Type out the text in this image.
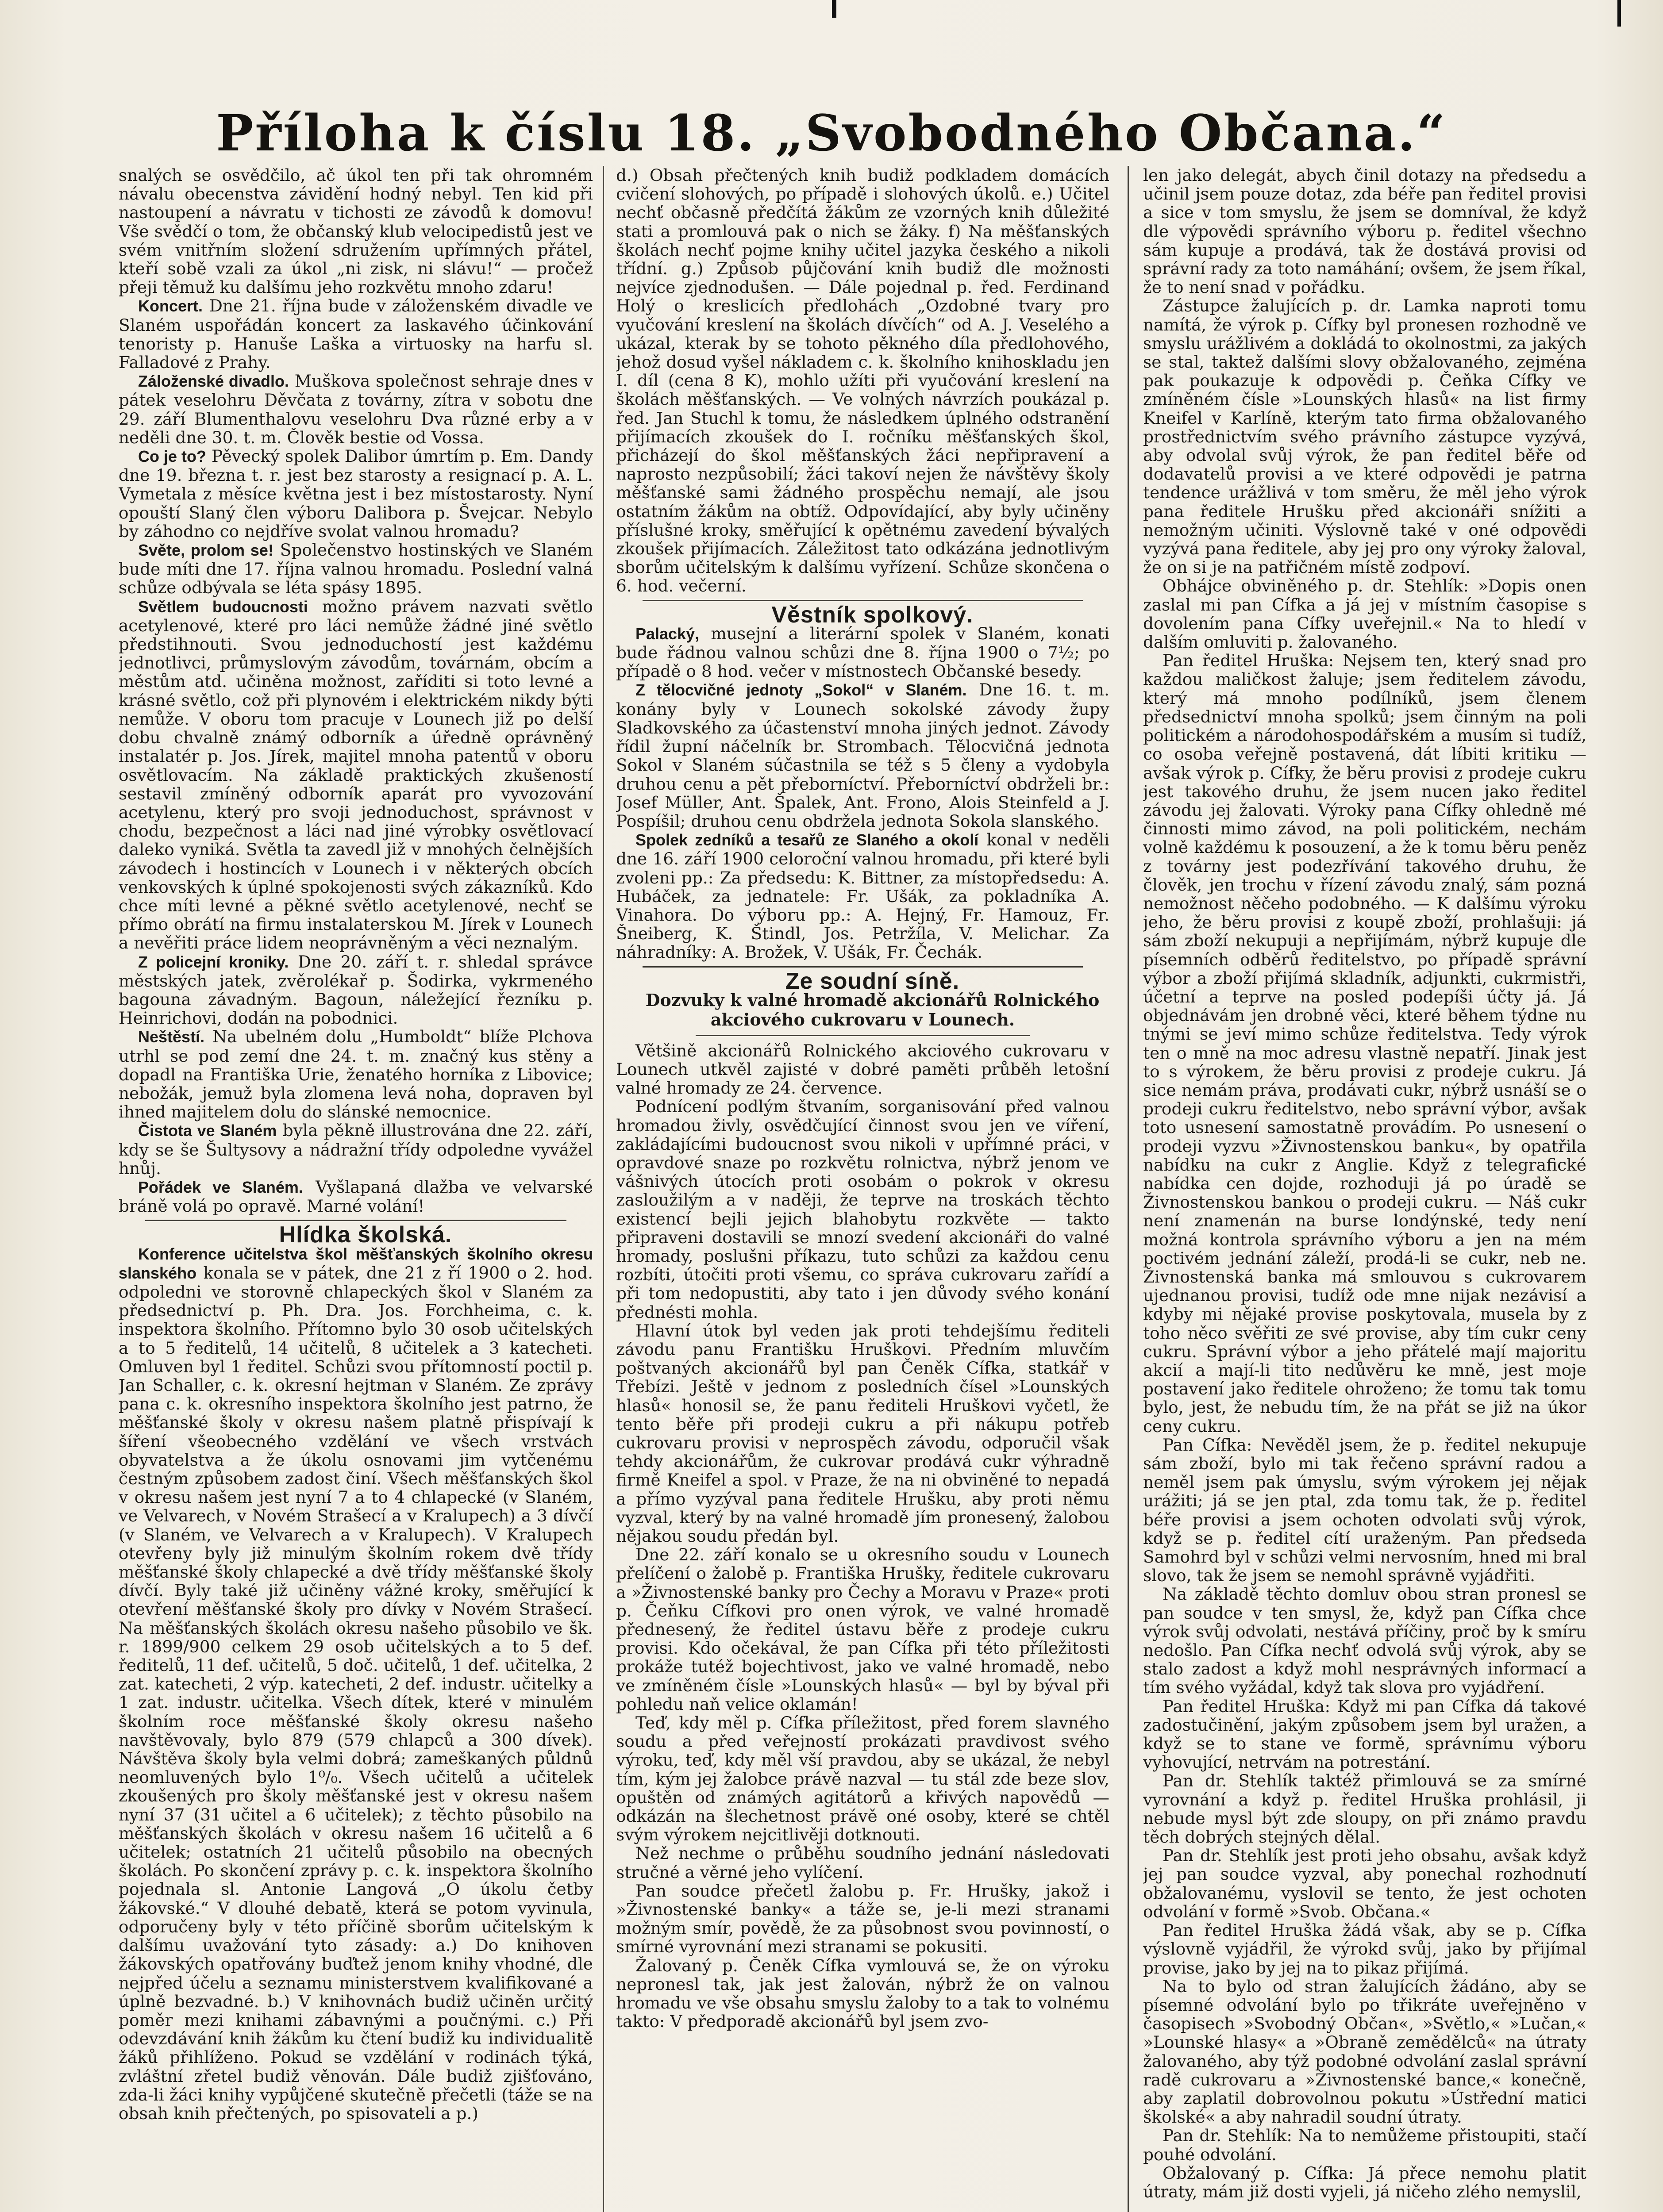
Příloha k číslu 18. „Svobodného Občana.“

snalých se osvědčilo, ač úkol ten při tak ohromném návalu obecenstva závidění hodný nebyl. Ten kid při nastoupení a návratu v tichosti ze závodů k domovu! Vše svědčí o tom, že občanský klub velocipedistů jest ve svém vnitřním složení sdružením upřímných přátel, kteří sobě vzali za úkol „ni zisk, ni slávu!“ — pročež přeji těmuž ku dalšímu jeho rozkvětu mnoho zdaru!

Koncert. Dne 21. října bude v záloženském divadle ve Slaném uspořádán koncert za laskavého účinkování tenoristy p. Hanuše Laška a virtuosky na harfu sl. Falladové z Prahy.

Záloženské divadlo. Muškova společnost sehraje dnes v pátek veselohru Děvčata z továrny, zítra v sobotu dne 29. září Blumenthalovu veselohru Dva různé erby a v neděli dne 30. t. m. Člověk bestie od Vossa.

Co je to? Pěvecký spolek Dalibor úmrtím p. Em. Dandy dne 19. března t. r. jest bez starosty a resignací p. A. L. Vymetala z měsíce května jest i bez místostarosty. Nyní opouští Slaný člen výboru Dalibora p. Švejcar. Nebylo by záhodno co nejdříve svolat valnou hromadu?

Světe, prolom se! Společenstvo hostinských ve Slaném bude míti dne 17. října valnou hromadu. Poslední valná schůze odbývala se léta spásy 1895.

Světlem budoucnosti možno právem nazvati světlo acetylenové, které pro láci nemůže žádné jiné světlo předstihnouti. Svou jednoduchostí jest každému jednotlivci, průmyslovým závodům, továrnám, obcím a městům atd. učiněna možnost, zaříditi si toto levné a krásné světlo, což při plynovém i elektrickém nikdy býti nemůže. V oboru tom pracuje v Lounech již po delší dobu chvalně známý odborník a úředně oprávněný instalatér p. Jos. Jírek, majitel mnoha patentů v oboru osvětlovacím. Na základě praktických zkušeností sestavil zmíněný odborník aparát pro vyvozování acetylenu, který pro svoji jednoduchost, správnost v chodu, bezpečnost a láci nad jiné výrobky osvětlovací daleko vyniká. Světla ta zavedl již v mnohých čelnějších závodech i hostincích v Lounech i v některých obcích venkovských k úplné spokojenosti svých zákazníků. Kdo chce míti levné a pěkné světlo acetylenové, nechť se přímo obrátí na firmu instalaterskou M. Jírek v Lounech a nevěřiti práce lidem neoprávněným a věci neznalým.

Z policejní kroniky. Dne 20. září t. r. shledal správce městských jatek, zvěrolékař p. Šodirka, vykrmeného bagouna závadným. Bagoun, náležející řezníku p. Heinrichovi, dodán na pobodnici.

Neštěstí. Na ubelném dolu „Humboldt“ blíže Plchova utrhl se pod zemí dne 24. t. m. značný kus stěny a dopadl na Františka Urie, ženatého horníka z Libovice; nebožák, jemuž byla zlomena levá noha, dopraven byl ihned majitelem dolu do slánské nemocnice.

Čistota ve Slaném byla pěkně illustrována dne 22. září, kdy se še Šultysovy a nádražní třídy odpoledne vyvážel hnůj.

Pořádek ve Slaném. Vyšlapaná dlažba ve velvarské bráně volá po opravě. Marné volání!

Hlídka školská.

Konference učitelstva škol měšťanských školního okresu slanského konala se v pátek, dne 21 z ří 1900 o 2. hod. odpoledni ve storovně chlapeckých škol v Slaném za předsednictví p. Ph. Dra. Jos. Forchheima, c. k. inspektora školního. Přítomno bylo 30 osob učitelských a to 5 ředitelů, 14 učitelů, 8 učitelek a 3 katecheti. Omluven byl 1 ředitel. Schůzi svou přítomností poctil p. Jan Schaller, c. k. okresní hejtman v Slaném. Ze zprávy pana c. k. okresního inspektora školního jest patrno, že měšťanské školy v okresu našem platně přispívají k šíření všeobecného vzdělání ve všech vrstvách obyvatelstva a že úkolu osnovami jim vytčenému čestným způsobem zadost činí. Všech měšťanských škol v okresu našem jest nyní 7 a to 4 chlapecké (v Slaném, ve Velvarech, v Novém Strašecí a v Kralupech) a 3 dívčí (v Slaném, ve Velvarech a v Kralupech). V Kralupech otevřeny byly již minulým školním rokem dvě třídy měšťanské školy chlapecké a dvě třídy měšťanské školy dívčí. Byly také již učiněny vážné kroky, směřující k otevření měšťanské školy pro dívky v Novém Strašecí. Na měšťanských školách okresu našeho působilo ve šk. r. 1899/900 celkem 29 osob učitelských a to 5 def. ředitelů, 11 def. učitelů, 5 doč. učitelů, 1 def. učitelka, 2 zat. katecheti, 2 výp. katecheti, 2 def. industr. učitelky a 1 zat. industr. učitelka. Všech dítek, které v minulém školním roce měšťanské školy okresu našeho navštěvovaly, bylo 879 (579 chlapců a 300 dívek). Návštěva školy byla velmi dobrá; zameškaných půldnů neomluvených bylo 1⁰/₀. Všech učitelů a učitelek zkoušených pro školy měšťanské jest v okresu našem nyní 37 (31 učitel a 6 učitelek); z těchto působilo na měšťanských školách v okresu našem 16 učitelů a 6 učitelek; ostatních 21 učitelů působilo na obecných školách. Po skončení zprávy p. c. k. inspektora školního pojednala sl. Antonie Langová „O úkolu četby žákovské.“ V dlouhé debatě, která se potom vyvinula, odporučeny byly v této příčině sborům učitelským k dalšímu uvažování tyto zásady: a.) Do knihoven žákovských opatřovány buďtež jenom knihy vhodné, dle nejpřed účelu a seznamu ministerstvem kvalifikované a úplně bezvadné. b.) V knihovnách budiž učiněn určitý poměr mezi knihami zábavnými a poučnými. c.) Při odevzdávání knih žákům ku čtení budiž ku individualitě žáků přihlíženo. Pokud se vzdělání v rodinách týká, zvláštní zřetel budiž věnován. Dále budiž zjišťováno, zda-li žáci knihy vypůjčené skutečně přečetli (táže se na obsah knih přečtených, po spisovateli a p.)

d.) Obsah přečtených knih budiž podkladem domácích cvičení slohových, po případě i slohových úkolů. e.) Učitel nechť občasně předčítá žákům ze vzorných knih důležité stati a promlouvá pak o nich se žáky. f) Na měšťanských školách nechť pojme knihy učitel jazyka českého a nikoli třídní. g.) Způsob půjčování knih budiž dle možnosti nejvíce zjednodušen. — Dále pojednal p. řed. Ferdinand Holý o kreslicích předlohách „Ozdobné tvary pro vyučování kreslení na školách dívčích“ od A. J. Veselého a ukázal, kterak by se tohoto pěkného díla předlohového, jehož dosud vyšel nákladem c. k. školního knihoskladu jen I. díl (cena 8 K), mohlo užíti při vyučování kreslení na školách měšťanských. — Ve volných návrzích poukázal p. řed. Jan Stuchl k tomu, že následkem úplného odstranění přijímacích zkoušek do I. ročníku měšťanských škol, přicházejí do škol měšťanských žáci nepřipravení a naprosto nezpůsobilí; žáci takoví nejen že návštěvy školy měšťanské sami žádného prospěchu nemají, ale jsou ostatním žákům na obtíž. Odpovídající, aby byly učiněny příslušné kroky, směřující k opětnému zavedení bývalých zkoušek přijímacích. Záležitost tato odkázána jednotlivým sborům učitelským k dalšímu vyřízení. Schůze skončena o 6. hod. večerní.

Věstník spolkový.

Palacký, musejní a literární spolek v Slaném, konati bude řádnou valnou schůzi dne 8. října 1900 o 7½; po případě o 8 hod. večer v místnostech Občanské besedy.

Z tělocvičné jednoty „Sokol“ v Slaném. Dne 16. t. m. konány byly v Lounech sokolské závody župy Sladkovského za účastenství mnoha jiných jednot. Závody řídil župní náčelník br. Strombach. Tělocvičná jednota Sokol v Slaném súčastnila se též s 5 členy a vydobyla druhou cenu a pět přeborníctví. Přeborníctví obdrželi br.: Josef Müller, Ant. Špalek, Ant. Frono, Alois Steinfeld a J. Pospíšil; druhou cenu obdržela jednota Sokola slanského.

Spolek zedníků a tesařů ze Slaného a okolí konal v neděli dne 16. září 1900 celoroční valnou hromadu, při které byli zvoleni pp.: Za předsedu: K. Bittner, za místopředsedu: A. Hubáček, za jednatele: Fr. Ušák, za pokladníka A. Vinahora. Do výboru pp.: A. Hejný, Fr. Hamouz, Fr. Šneiberg, K. Štindl, Jos. Petržíla, V. Melichar. Za náhradníky: A. Brožek, V. Ušák, Fr. Čechák.

Ze soudní síně.

Dozvuky k valné hromadě akcionářů Rolnického akciového cukrovaru v Lounech.

Většině akcionářů Rolnického akciového cukrovaru v Lounech utkvěl zajisté v dobré paměti průběh letošní valné hromady ze 24. července.

Podnícení podlým štvaním, sorganisování před valnou hromadou živly, osvědčující činnost svou jen ve víření, zakládajícími budoucnost svou nikoli v upřímné práci, v opravdové snaze po rozkvětu rolnictva, nýbrž jenom ve vášnivých útocích proti osobám o pokrok v okresu zasloužilým a v naději, že teprve na troskách těchto existencí bejli jejich blahobytu rozkvěte — takto připraveni dostavili se mnozí svedení akcionáři do valné hromady, poslušni příkazu, tuto schůzi za každou cenu rozbíti, útočiti proti všemu, co správa cukrovaru zařídí a při tom nedopustiti, aby tato i jen důvody svého konání přednésti mohla.

Hlavní útok byl veden jak proti tehdejšímu řediteli závodu panu Františku Hruškovi. Předním mluvčím poštvaných akcionářů byl pan Čeněk Cífka, statkář v Třebízi. Ještě v jednom z posledních čísel »Lounských hlasů« honosil se, že panu řediteli Hruškovi vyčetl, že tento běře při prodeji cukru a při nákupu potřeb cukrovaru provisi v neprospěch závodu, odporučil však tehdy akcionářům, že cukrovar prodává cukr výhradně firmě Kneifel a spol. v Praze, že na ni obviněné to nepadá a přímo vyzýval pana ředitele Hrušku, aby proti němu vyzval, který by na valné hromadě jím pronesený, žalobou nějakou soudu předán byl.

Dne 22. září konalo se u okresního soudu v Lounech přelíčení o žalobě p. Františka Hrušky, ředitele cukrovaru a »Živnostenské banky pro Čechy a Moravu v Praze« proti p. Čeňku Cífkovi pro onen výrok, ve valné hromadě přednesený, že ředitel ústavu běře z prodeje cukru provisi. Kdo očekával, že pan Cífka při této příležitosti prokáže tutéž bojechtivost, jako ve valné hromadě, nebo ve zmíněném čísle »Lounských hlasů« — byl by býval při pohledu naň velice oklamán!

Teď, kdy měl p. Cífka příležitost, před forem slavného soudu a před veřejností prokázati pravdivost svého výroku, teď, kdy měl vší pravdou, aby se ukázal, že nebyl tím, kým jej žalobce právě nazval — tu stál zde beze slov, opuštěn od známých agitátorů a křivých napovědů — odkázán na šlechetnost právě oné osoby, které se chtěl svým výrokem nejcitlivěji dotknouti.

Než nechme o průběhu soudního jednání následovati stručné a věrné jeho vylíčení.

Pan soudce přečetl žalobu p. Fr. Hrušky, jakož i »Živnostenské banky« a táže se, je-li mezi stranami možným smír, povědě, že za působnost svou povinností, o smírné vyrovnání mezi stranami se pokusiti.

Žalovaný p. Čeněk Cífka vymlouvá se, že on výroku nepronesl tak, jak jest žalován, nýbrž že on valnou hromadu ve vše obsahu smyslu žaloby to a tak to volnému takto: V předporadě akcionářů byl jsem zvo-

len jako delegát, abych činil dotazy na předsedu a učinil jsem pouze dotaz, zda béře pan ředitel provisi a sice v tom smyslu, že jsem se domníval, že když dle výpovědi správního výboru p. ředitel všechno sám kupuje a prodává, tak že dostává provisi od správní rady za toto namáhání; ovšem, že jsem říkal, že to není snad v pořádku.

Zástupce žalujících p. dr. Lamka naproti tomu namítá, že výrok p. Cífky byl pronesen rozhodně ve smyslu urážlivém a dokládá to okolnostmi, za jakých se stal, taktež dalšími slovy obžalovaného, zejména pak poukazuje k odpovědi p. Čeňka Cífky ve zmíněném čísle »Lounských hlasů« na list firmy Kneifel v Karlíně, kterým tato firma obžalovaného prostřednictvím svého právního zástupce vyzývá, aby odvolal svůj výrok, že pan ředitel běře od dodavatelů provisi a ve které odpovědi je patrna tendence urážlivá v tom směru, že měl jeho výrok pana ředitele Hrušku před akcionáři snížiti a nemožným učiniti. Výslovně také v oné odpovědi vyzývá pana ředitele, aby jej pro ony výroky žaloval, že on si je na patřičném místě zodpoví.

Obhájce obviněného p. dr. Stehlík: »Dopis onen zaslal mi pan Cífka a já jej v místním časopise s dovolením pana Cífky uveřejnil.« Na to hledí v dalším omluviti p. žalovaného.

Pan ředitel Hruška: Nejsem ten, který snad pro každou maličkost žaluje; jsem ředitelem závodu, který má mnoho podílníků, jsem členem předsednictví mnoha spolků; jsem činným na poli politickém a národohospodářském a musím si tudíž, co osoba veřejně postavená, dát líbiti kritiku — avšak výrok p. Cífky, že běru provisi z prodeje cukru jest takového druhu, že jsem nucen jako ředitel závodu jej žalovati. Výroky pana Cífky ohledně mé činnosti mimo závod, na poli politickém, nechám volně každému k posouzení, a že k tomu běru peněz z továrny jest podezřívání takového druhu, že člověk, jen trochu v řízení závodu znalý, sám pozná nemožnost něčeho podobného. — K dalšímu výroku jeho, že běru provisi z koupě zboží, prohlašuji: já sám zboží nekupuji a nepřijímám, nýbrž kupuje dle písemních odběrů ředitelstvo, po případě správní výbor a zboží přijímá skladník, adjunkti, cukrmistři, účetní a teprve na posled podepíši účty já. Já objednávám jen drobné věci, které během týdne nu tnými se jeví mimo schůze ředitelstva. Tedy výrok ten o mně na moc adresu vlastně nepatří. Jinak jest to s výrokem, že běru provisi z prodeje cukru. Já sice nemám práva, prodávati cukr, nýbrž usnáší se o prodeji cukru ředitelstvo, nebo správní výbor, avšak toto usnesení samostatně provádím. Po usnesení o prodeji vyzvu »Živnostenskou banku«, by opatřila nabídku na cukr z Anglie. Když z telegrafické nabídka cen dojde, rozhoduji já po úradě se Živnostenskou bankou o prodeji cukru. — Náš cukr není znamenán na burse londýnské, tedy není možná kontrola správního výboru a jen na mém poctivém jednání záleží, prodá-li se cukr, neb ne. Živnostenská banka má smlouvou s cukrovarem ujednanou provisi, tudíž ode mne nijak nezávisí a kdyby mi nějaké provise poskytovala, musela by z toho něco svěřiti ze své provise, aby tím cukr ceny cukru. Správní výbor a jeho přátelé mají majoritu akcií a mají-li tito nedůvěru ke mně, jest moje postavení jako ředitele ohroženo; že tomu tak tomu bylo, jest, že nebudu tím, že na přát se již na úkor ceny cukru.

Pan Cífka: Nevěděl jsem, že p. ředitel nekupuje sám zboží, bylo mi tak řečeno správní radou a neměl jsem pak úmyslu, svým výrokem jej nějak urážiti; já se jen ptal, zda tomu tak, že p. ředitel béře provisi a jsem ochoten odvolati svůj výrok, když se p. ředitel cítí uraženým. Pan předseda Samohrd byl v schůzi velmi nervosním, hned mi bral slovo, tak že jsem se nemohl správně vyjádřiti.

Na základě těchto domluv obou stran pronesl se pan soudce v ten smysl, že, když pan Cífka chce výrok svůj odvolati, nestává příčiny, proč by k smíru nedošlo. Pan Cífka nechť odvolá svůj výrok, aby se stalo zadost a když mohl nesprávných informací a tím svého vyžádal, když tak slova pro vyjádření.

Pan ředitel Hruška: Když mi pan Cífka dá takové zadostučinění, jakým způsobem jsem byl uražen, a když se to stane ve formě, správnímu výboru vyhovující, netrvám na potrestání.

Pan dr. Stehlík taktéž přimlouvá se za smírné vyrovnání a když p. ředitel Hruška prohlásil, ji nebude mysl být zde sloupy, on při známo pravdu těch dobrých stejných dělal.

Pan dr. Stehlík jest proti jeho obsahu, avšak když jej pan soudce vyzval, aby ponechal rozhodnutí obžalovanému, vyslovil se tento, že jest ochoten odvolání v formě »Svob. Občana.«

Pan ředitel Hruška žádá však, aby se p. Cífka výslovně vyjádřil, že výrokd svůj, jako by přijímal provise, jako by jej na to pikaz přijímá.

Na to bylo od stran žalujících žádáno, aby se písemné odvolání bylo po třikráte uveřejněno v časopisech »Svobodný Občan«, »Světlo,« »Lučan,« »Lounské hlasy« a »Obraně zemědělců« na útraty žalovaného, aby týž podobné odvolání zaslal správní radě cukrovaru a »Živnostenské bance,« konečně, aby zaplatil dobrovolnou pokutu »Ústřední matici školské« a aby nahradil soudní útraty.

Pan dr. Stehlík: Na to nemůžeme přistoupiti, stačí pouhé odvolání.

Obžalovaný p. Cífka: Já přece nemohu platit útraty, mám již dosti vyjeli, já ničeho zlého nemyslil,
